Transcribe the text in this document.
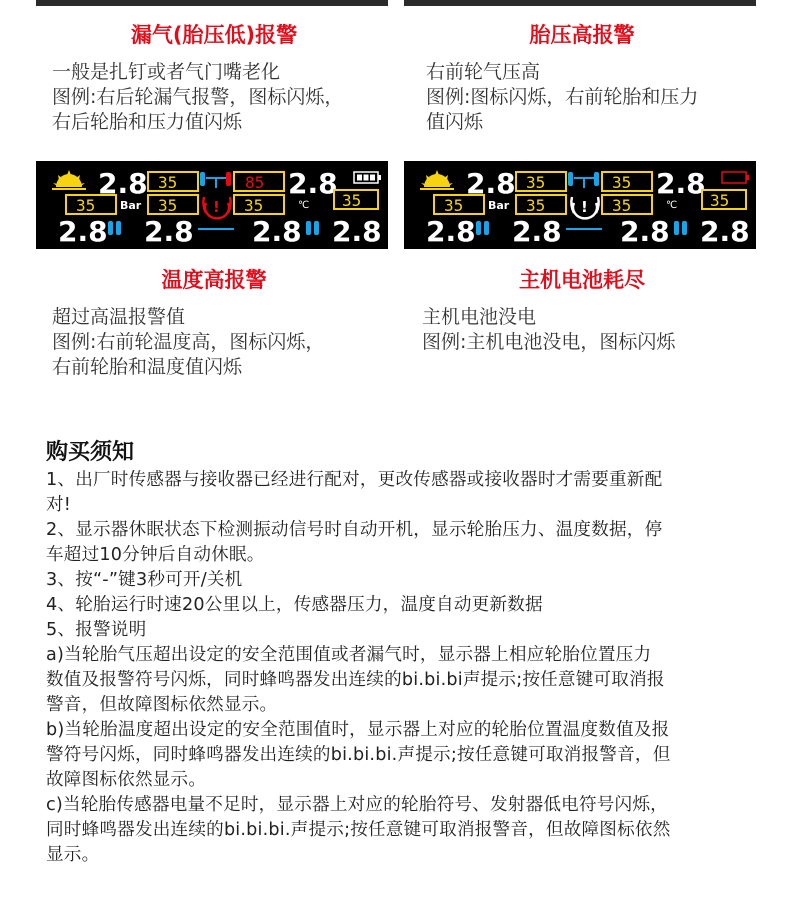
漏气(胎压低)报警
一般是扎钉或者气门嘴老化
图例:右后轮漏气报警，图标闪烁，
右后轮胎和压力值闪烁
胎压高报警
右前轮气压高
图例:图标闪烁，右前轮胎和压力
值闪烁
2.8 35	85 2.8
35 Bar 35 ! 35	℃ 35
2.8 2.8 2.8 2.8
2.8 35	35 2.8
35 Bar 35 ! 35	℃ 35
2.8 2.8 2.8 2.8
温度高报警
超过高温报警值
图例:右前轮温度高，图标闪烁，
右前轮胎和温度值闪烁
主机电池耗尽
主机电池没电
图例:主机电池没电，图标闪烁
购买须知

1、出厂时传感器与接收器已经进行配对，更改传感器或接收器时才需要重新配
对!

2、显示器休眠状态下检测振动信号时自动开机，显示轮胎压力、温度数据，停
车超过10分钟后自动休眠。

3、按“-”键3秒可开/关机

4、轮胎运行时速20公里以上，传感器压力，温度自动更新数据

5、报警说明

a)当轮胎气压超出设定的安全范围值或者漏气时，显示器上相应轮胎位置压力
数值及报警符号闪烁，同时蜂鸣器发出连续的bi.bi.bi声提示;按任意键可取消报
警音，但故障图标依然显示。

b)当轮胎温度超出设定的安全范围值时，显示器上对应的轮胎位置温度数值及报
警符号闪烁，同时蜂鸣器发出连续的bi.bi.bi.声提示;按任意键可取消报警音，但
故障图标依然显示。

c)当轮胎传感器电量不足时，显示器上对应的轮胎符号、发射器低电符号闪烁，
同时蜂鸣器发出连续的bi.bi.bi.声提示;按任意键可取消报警音，但故障图标依然
显示。
